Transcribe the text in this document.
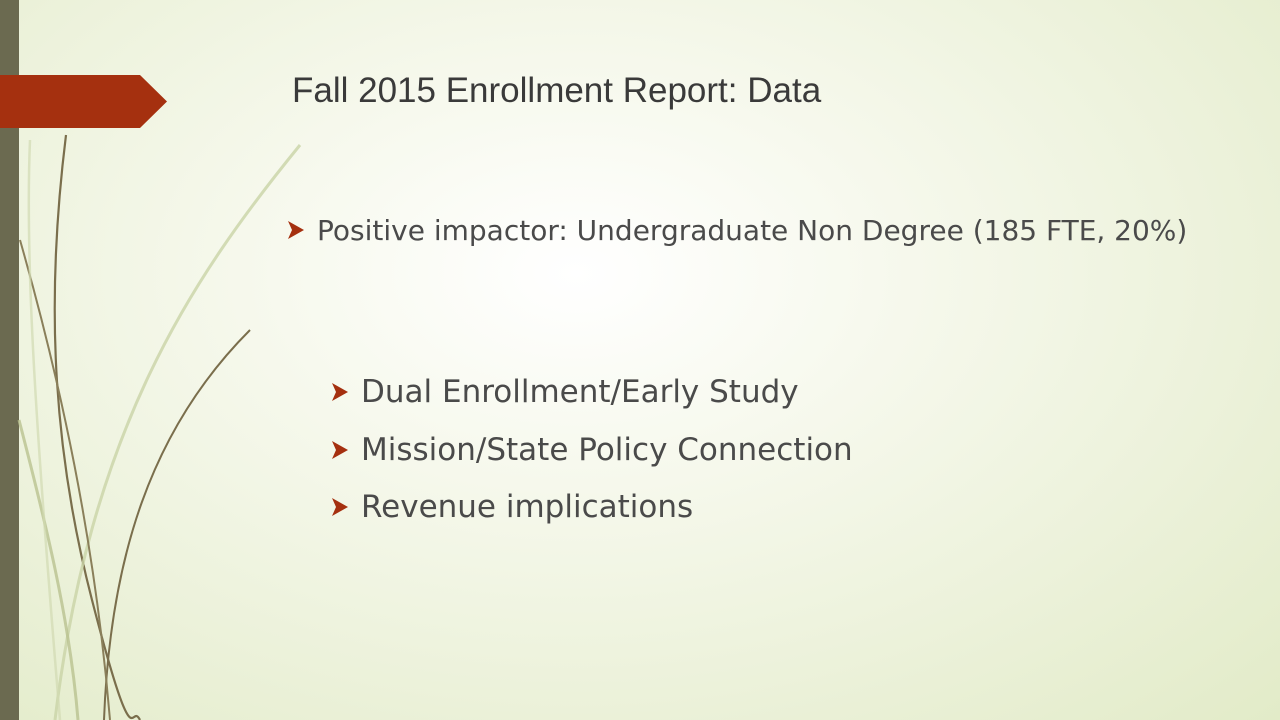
Fall 2015 Enrollment Report: Data
Positive impactor: Undergraduate Non Degree (185 FTE, 20%)
Dual Enrollment/Early Study
Mission/State Policy Connection
Revenue implications
